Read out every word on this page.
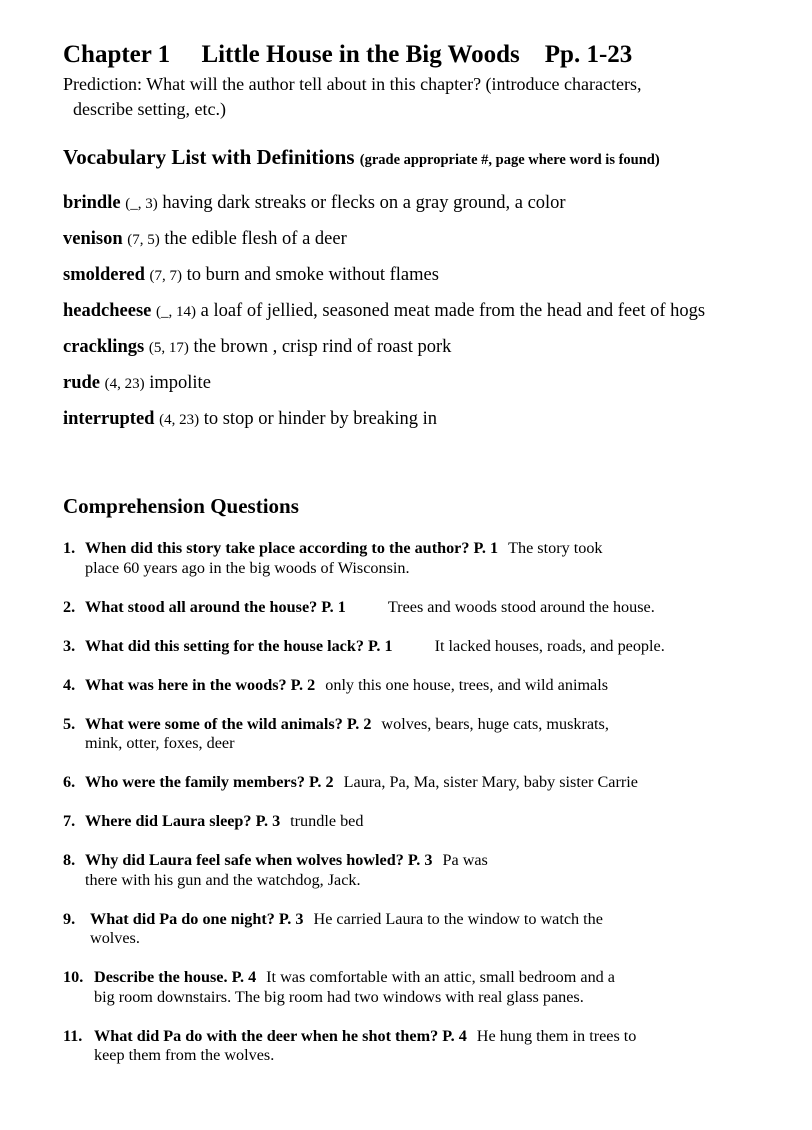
Chapter 1 Little House in the Big Woods Pp. 1-23
Prediction: What will the author tell about in this chapter? (introduce characters,
describe setting, etc.)
Vocabulary List with Definitions (grade appropriate #, page where word is found)
brindle (_, 3) having dark streaks or flecks on a gray ground, a color
venison (7, 5) the edible flesh of a deer
smoldered (7, 7) to burn and smoke without flames
headcheese (_, 14) a loaf of jellied, seasoned meat made from the head and feet of hogs
cracklings (5, 17) the brown , crisp rind of roast pork
rude (4, 23) impolite
interrupted (4, 23) to stop or hinder by breaking in
Comprehension Questions
1. When did this story take place according to the author? P. 1 The story took
place 60 years ago in the big woods of Wisconsin.
2. What stood all around the house? P. 1	Trees and woods stood around the house.
3. What did this setting for the house lack? P. 1	It lacked houses, roads, and people.
4. What was here in the woods? P. 2 only this one house, trees, and wild animals
5. What were some of the wild animals? P. 2 wolves, bears, huge cats, muskrats,
mink, otter, foxes, deer
6. Who were the family members? P. 2 Laura, Pa, Ma, sister Mary, baby sister Carrie
7. Where did Laura sleep? P. 3 trundle bed
8. Why did Laura feel safe when wolves howled? P. 3 Pa was
there with his gun and the watchdog, Jack.
9. What did Pa do one night? P. 3 He carried Laura to the window to watch the
wolves.
10. Describe the house. P. 4 It was comfortable with an attic, small bedroom and a
big room downstairs. The big room had two windows with real glass panes.
11. What did Pa do with the deer when he shot them? P. 4 He hung them in trees to
keep them from the wolves.
